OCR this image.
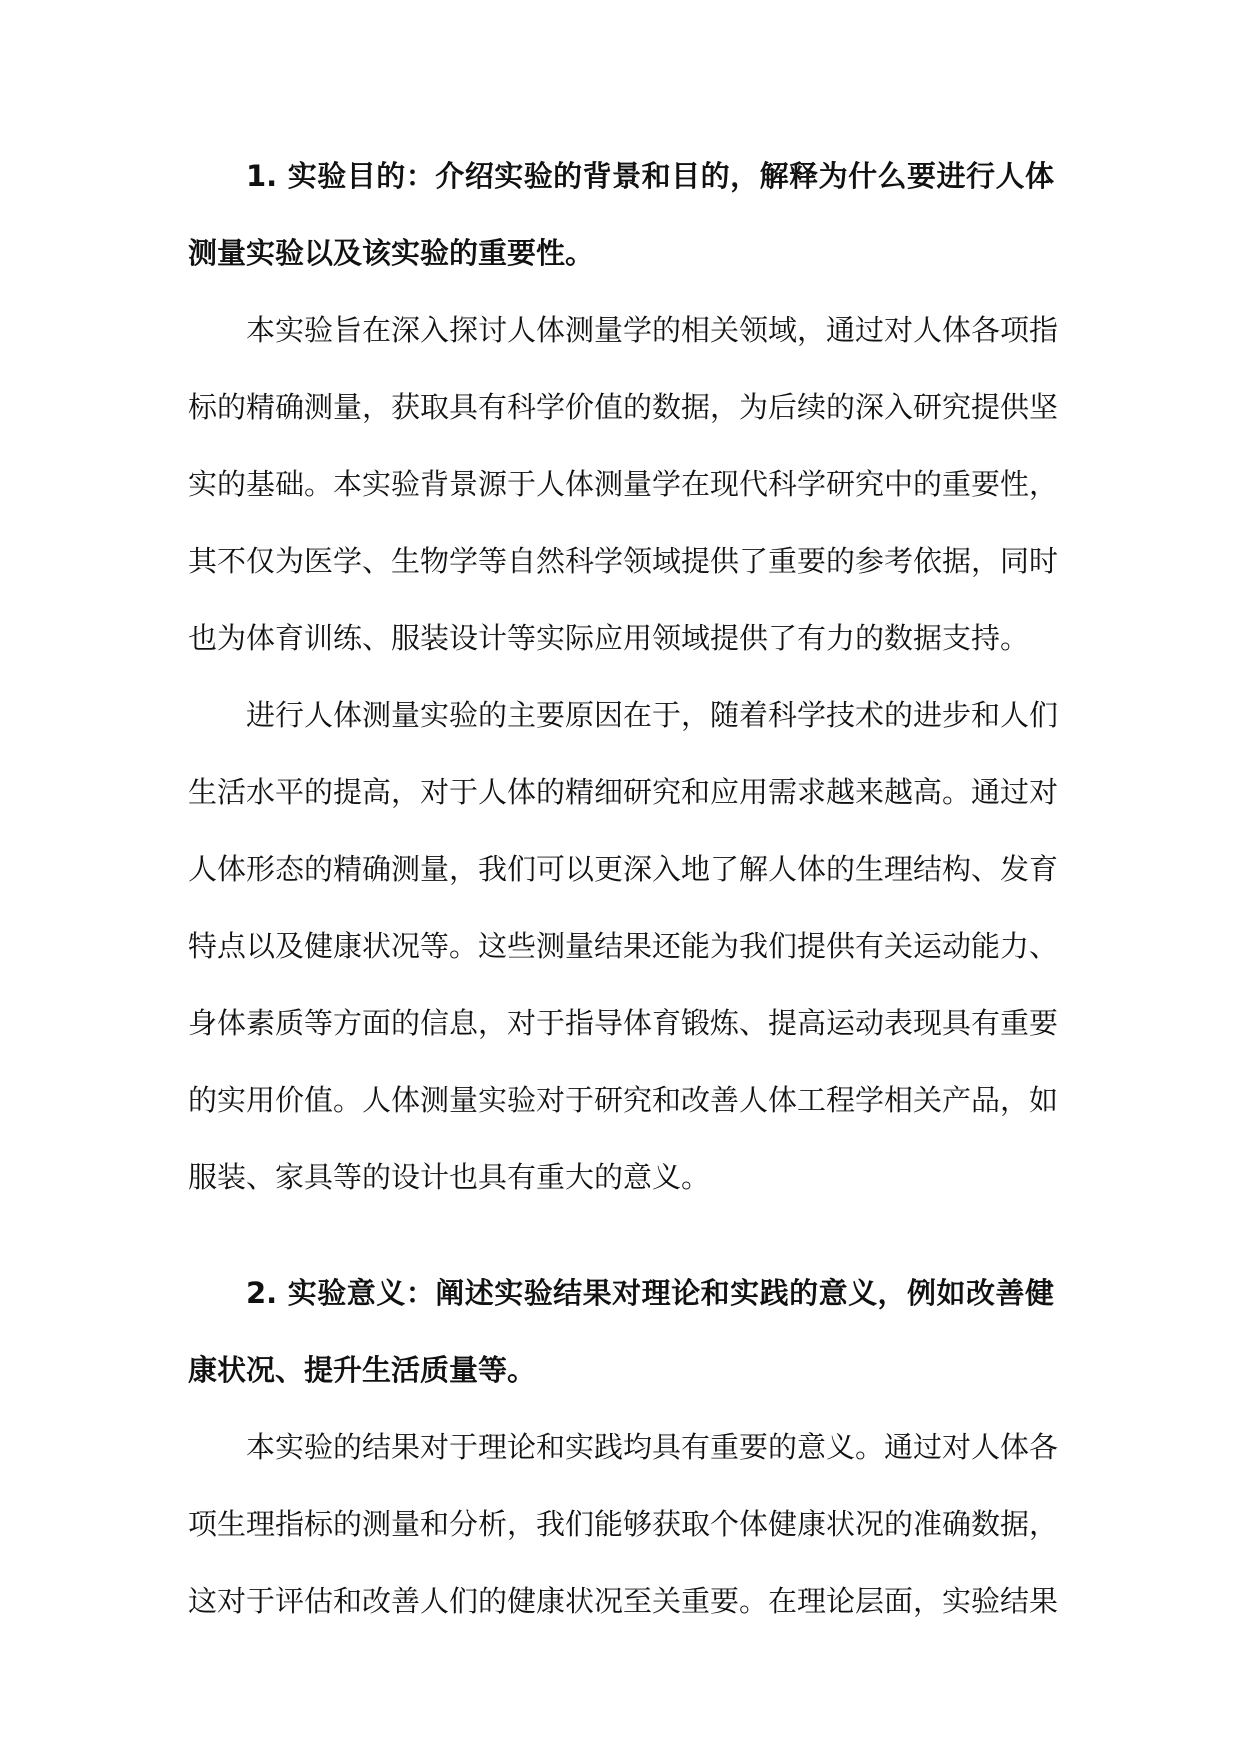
1. 实验目的：介绍实验的背景和目的，解释为什么要进行人体
测量实验以及该实验的重要性。
本实验旨在深入探讨人体测量学的相关领域，通过对人体各项指
标的精确测量，获取具有科学价值的数据，为后续的深入研究提供坚
实的基础。本实验背景源于人体测量学在现代科学研究中的重要性，
其不仅为医学、生物学等自然科学领域提供了重要的参考依据，同时
也为体育训练、服装设计等实际应用领域提供了有力的数据支持。
进行人体测量实验的主要原因在于，随着科学技术的进步和人们
生活水平的提高，对于人体的精细研究和应用需求越来越高。通过对
人体形态的精确测量，我们可以更深入地了解人体的生理结构、发育
特点以及健康状况等。这些测量结果还能为我们提供有关运动能力、
身体素质等方面的信息，对于指导体育锻炼、提高运动表现具有重要
的实用价值。人体测量实验对于研究和改善人体工程学相关产品，如
服装、家具等的设计也具有重大的意义。
2. 实验意义：阐述实验结果对理论和实践的意义，例如改善健
康状况、提升生活质量等。
本实验的结果对于理论和实践均具有重要的意义。通过对人体各
项生理指标的测量和分析，我们能够获取个体健康状况的准确数据，
这对于评估和改善人们的健康状况至关重要。在理论层面，实验结果
